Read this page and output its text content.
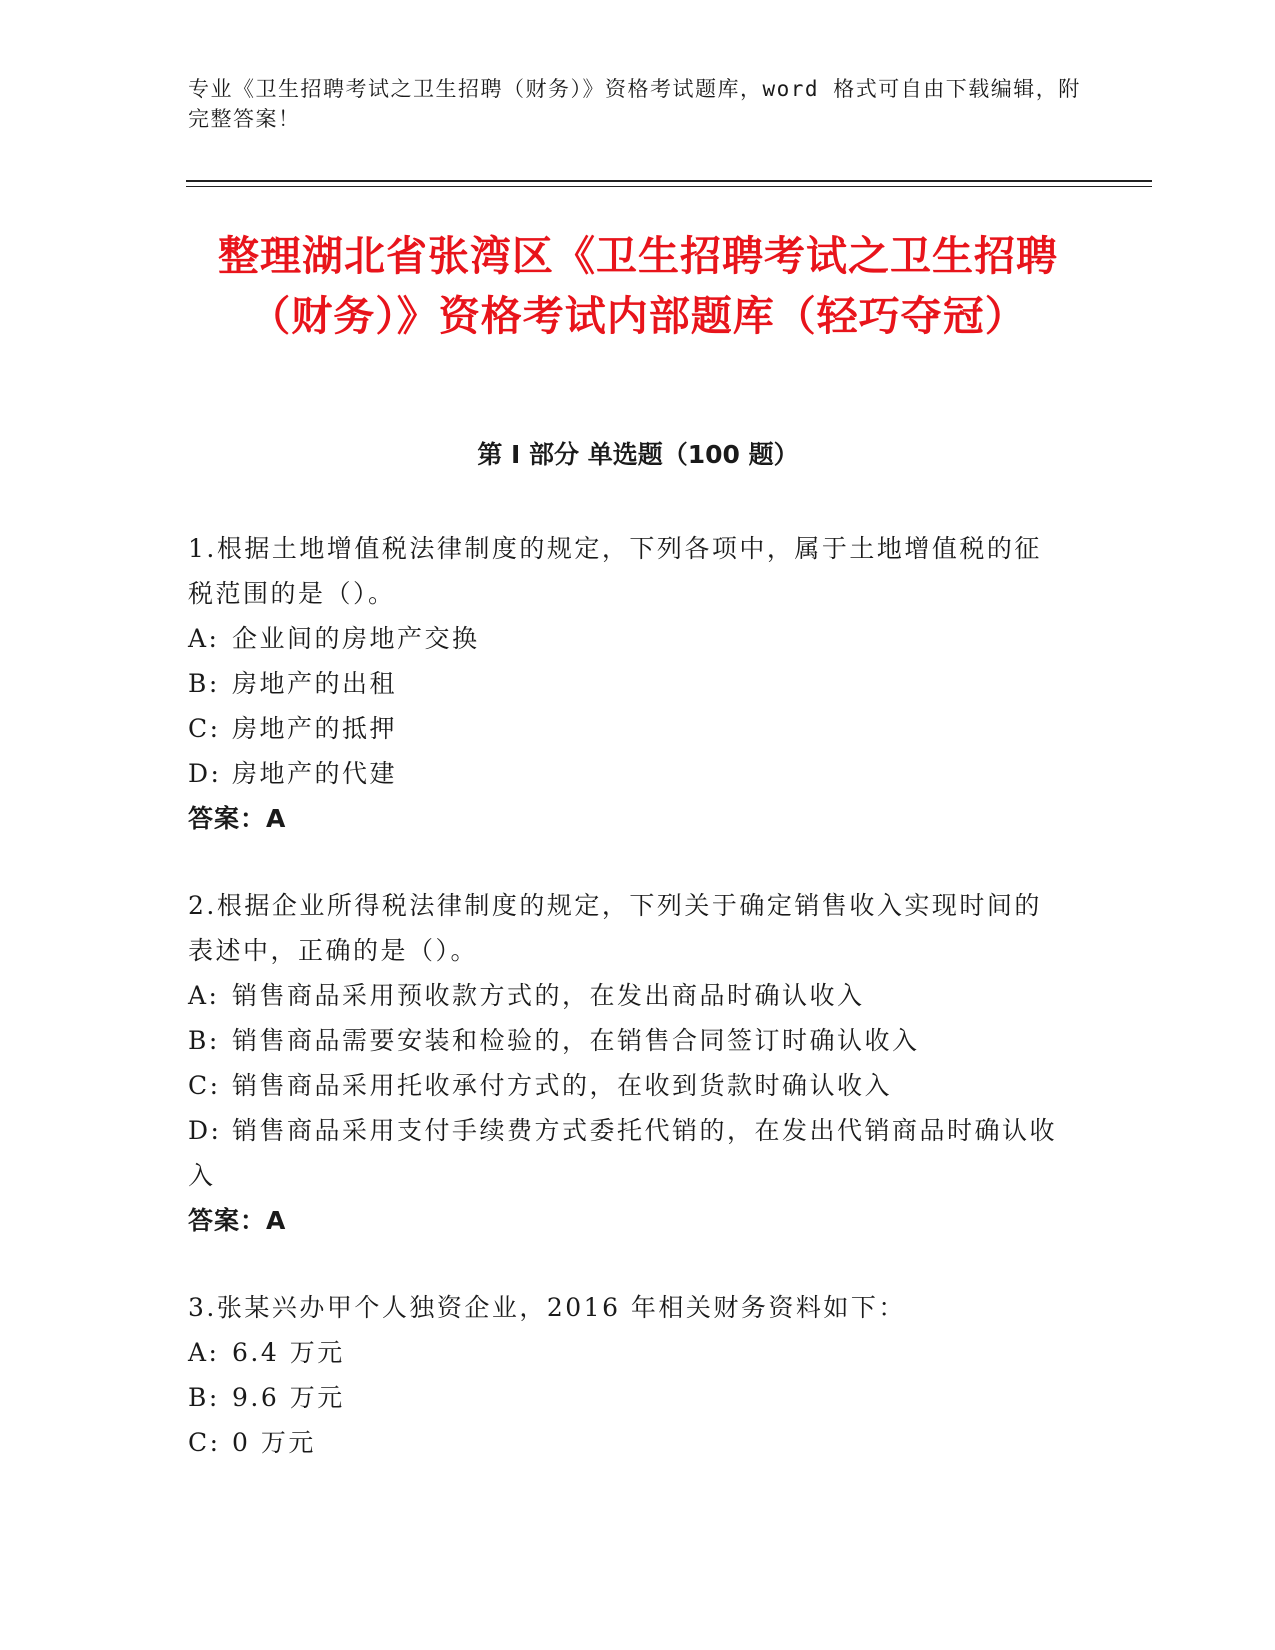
专业《卫生招聘考试之卫生招聘（财务）》资格考试题库，word 格式可自由下载编辑，附完整答案！
整理湖北省张湾区《卫生招聘考试之卫生招聘（财务）》资格考试内部题库（轻巧夺冠）
第 I 部分 单选题（100 题）
1.根据土地增值税法律制度的规定，下列各项中，属于土地增值税的征税范围的是（）。
A: 企业间的房地产交换
B: 房地产的出租
C: 房地产的抵押
D: 房地产的代建
答案：A
2.根据企业所得税法律制度的规定，下列关于确定销售收入实现时间的表述中，正确的是（）。
A: 销售商品采用预收款方式的，在发出商品时确认收入
B: 销售商品需要安装和检验的，在销售合同签订时确认收入
C: 销售商品采用托收承付方式的，在收到货款时确认收入
D: 销售商品采用支付手续费方式委托代销的，在发出代销商品时确认收入
答案：A
3.张某兴办甲个人独资企业，2016 年相关财务资料如下：
A: 6.4 万元
B: 9.6 万元
C: 0 万元
